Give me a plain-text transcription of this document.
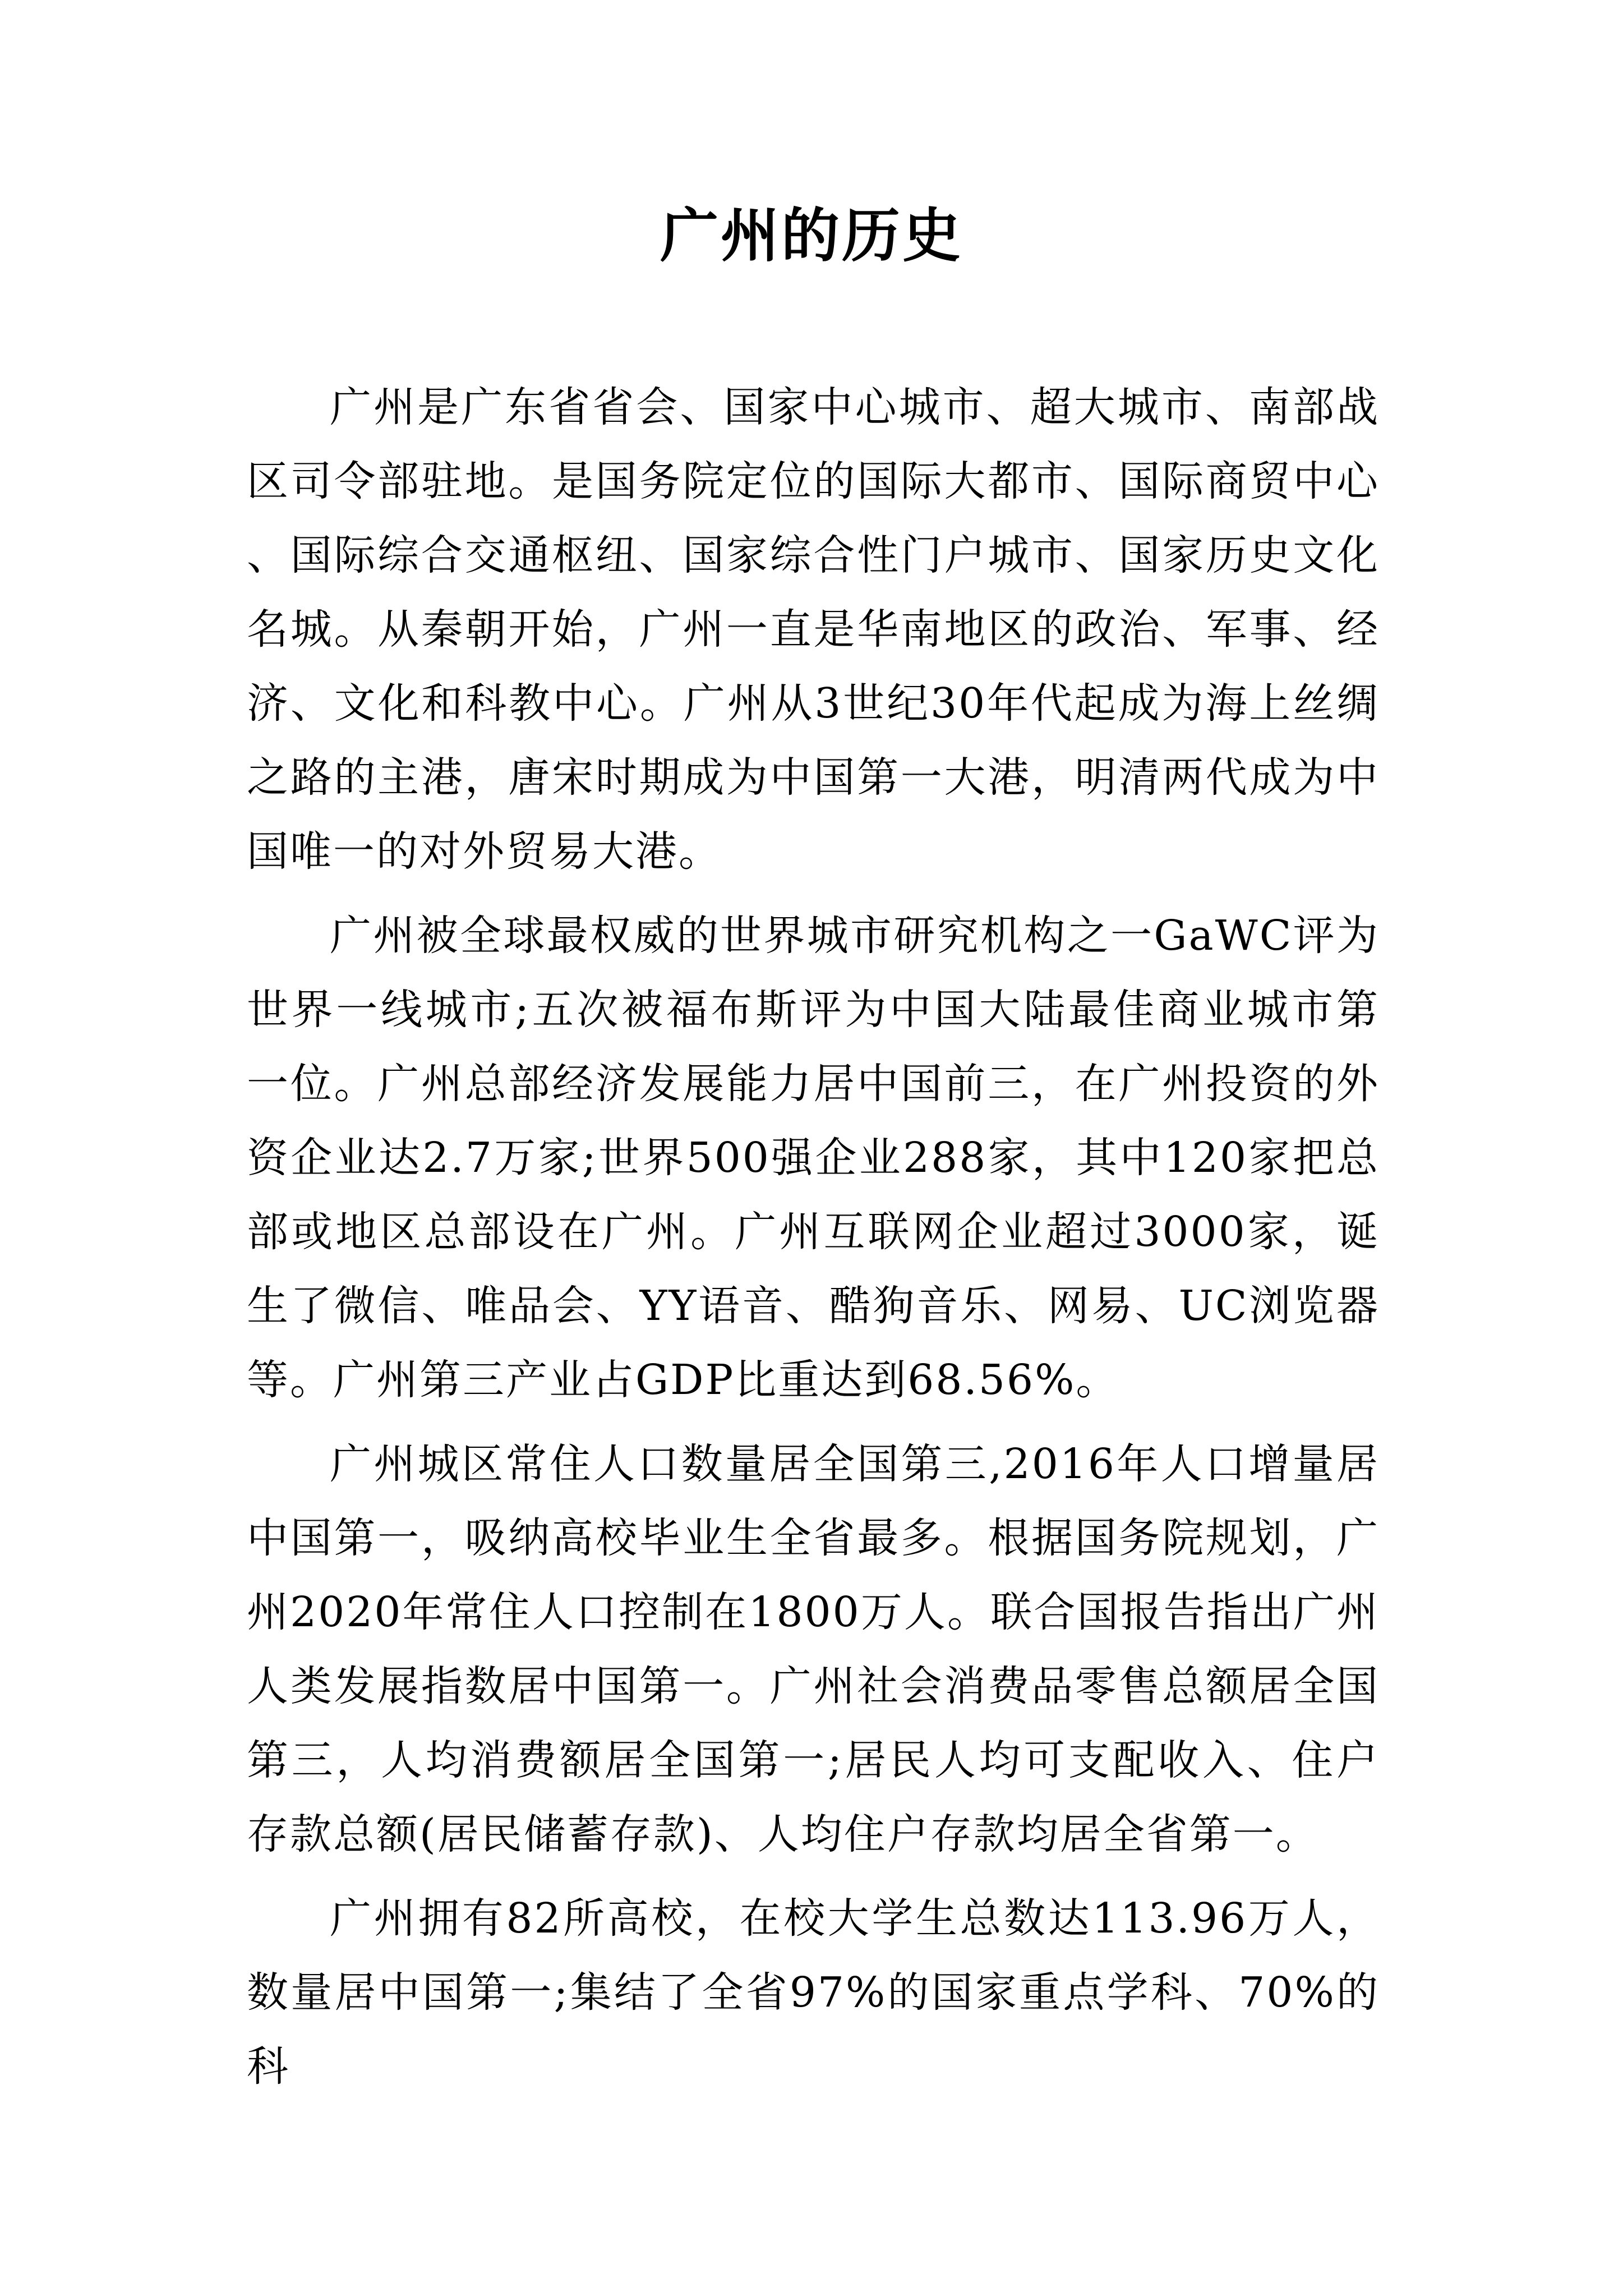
广州的历史

广州是广东省省会、国家中心城市、超大城市、南部战区司令部驻地。是国务院定位的国际大都市、国际商贸中心、国际综合交通枢纽、国家综合性门户城市、国家历史文化名城。从秦朝开始，广州一直是华南地区的政治、军事、经济、文化和科教中心。广州从3世纪30年代起成为海上丝绸之路的主港，唐宋时期成为中国第一大港，明清两代成为中国唯一的对外贸易大港。

广州被全球最权威的世界城市研究机构之一GaWC评为世界一线城市;五次被福布斯评为中国大陆最佳商业城市第一位。广州总部经济发展能力居中国前三，在广州投资的外资企业达2.7万家;世界500强企业288家，其中120家把总部或地区总部设在广州。广州互联网企业超过3000家，诞生了微信、唯品会、YY语音、酷狗音乐、网易、UC浏览器等。广州第三产业占GDP比重达到68.56%。

广州城区常住人口数量居全国第三,2016年人口增量居中国第一，吸纳高校毕业生全省最多。根据国务院规划，广州2020年常住人口控制在1800万人。联合国报告指出广州人类发展指数居中国第一。广州社会消费品零售总额居全国第三，人均消费额居全国第一;居民人均可支配收入、住户存款总额(居民储蓄存款)、人均住户存款均居全省第一。

广州拥有82所高校，在校大学生总数达113.96万人，数量居中国第一;集结了全省97%的国家重点学科、70%的科
